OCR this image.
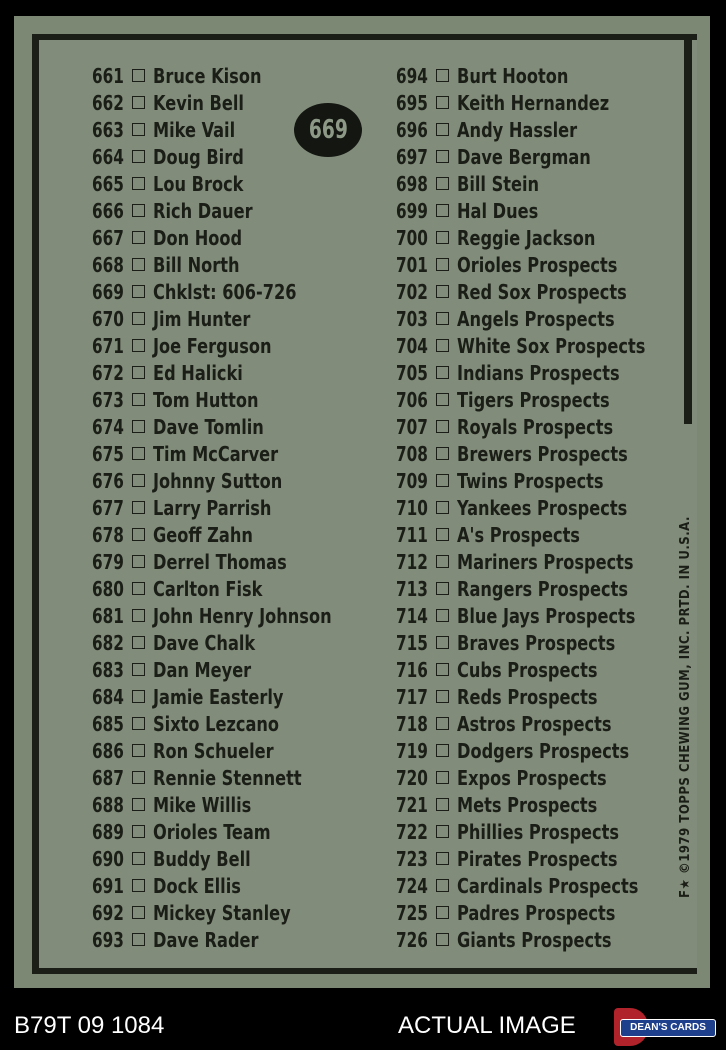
669
661 Bruce Kison
662 Kevin Bell
663 Mike Vail
664 Doug Bird
665 Lou Brock
666 Rich Dauer
667 Don Hood
668 Bill North
669 Chklst: 606-726
670 Jim Hunter
671 Joe Ferguson
672 Ed Halicki
673 Tom Hutton
674 Dave Tomlin
675 Tim McCarver
676 Johnny Sutton
677 Larry Parrish
678 Geoff Zahn
679 Derrel Thomas
680 Carlton Fisk
681 John Henry Johnson
682 Dave Chalk
683 Dan Meyer
684 Jamie Easterly
685 Sixto Lezcano
686 Ron Schueler
687 Rennie Stennett
688 Mike Willis
689 Orioles Team
690 Buddy Bell
691 Dock Ellis
692 Mickey Stanley
693 Dave Rader
694 Burt Hooton
695 Keith Hernandez
696 Andy Hassler
697 Dave Bergman
698 Bill Stein
699 Hal Dues
700 Reggie Jackson
701 Orioles Prospects
702 Red Sox Prospects
703 Angels Prospects
704 White Sox Prospects
705 Indians Prospects
706 Tigers Prospects
707 Royals Prospects
708 Brewers Prospects
709 Twins Prospects
710 Yankees Prospects
711 A's Prospects
712 Mariners Prospects
713 Rangers Prospects
714 Blue Jays Prospects
715 Braves Prospects
716 Cubs Prospects
717 Reds Prospects
718 Astros Prospects
719 Dodgers Prospects
720 Expos Prospects
721 Mets Prospects
722 Phillies Prospects
723 Pirates Prospects
724 Cardinals Prospects
725 Padres Prospects
726 Giants Prospects
F★ ©1979 TOPPS CHEWING GUM, INC. PRTD. IN U.S.A.
B79T 09 1084	ACTUAL IMAGE	DEAN'S CARDS
